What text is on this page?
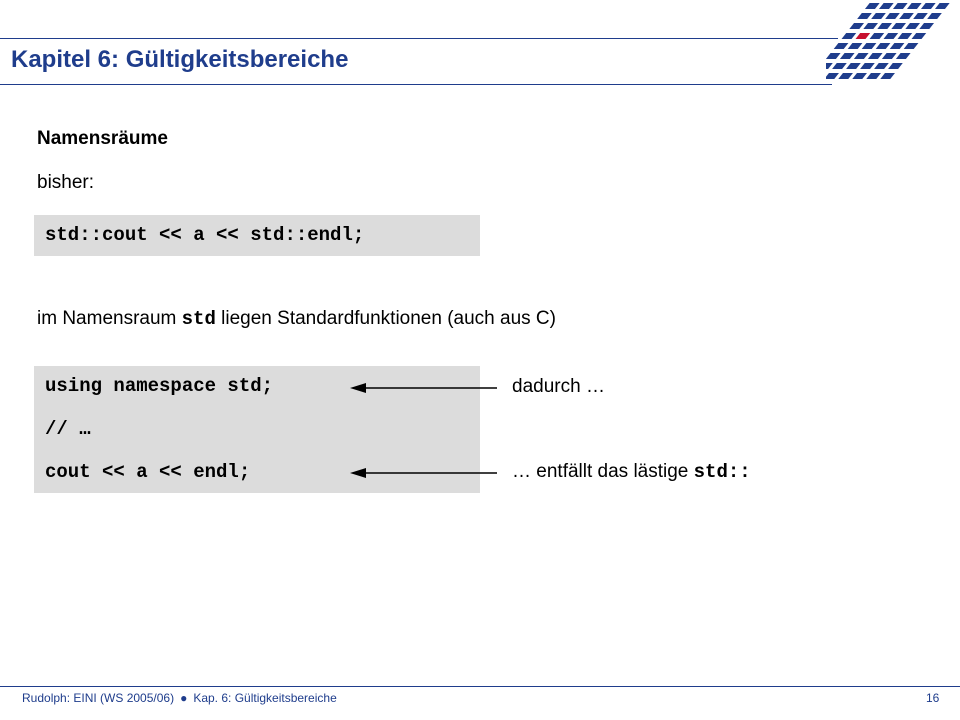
Kapitel 6: Gültigkeitsbereiche
Namensräume
bisher:
std::cout << a << std::endl;
im Namensraum std liegen Standardfunktionen (auch aus C)
using namespace std;
// …
cout << a << endl;
dadurch …
… entfällt das lästige std::
Rudolph: EINI (WS 2005/06) ● Kap. 6: Gültigkeitsbereiche	16
